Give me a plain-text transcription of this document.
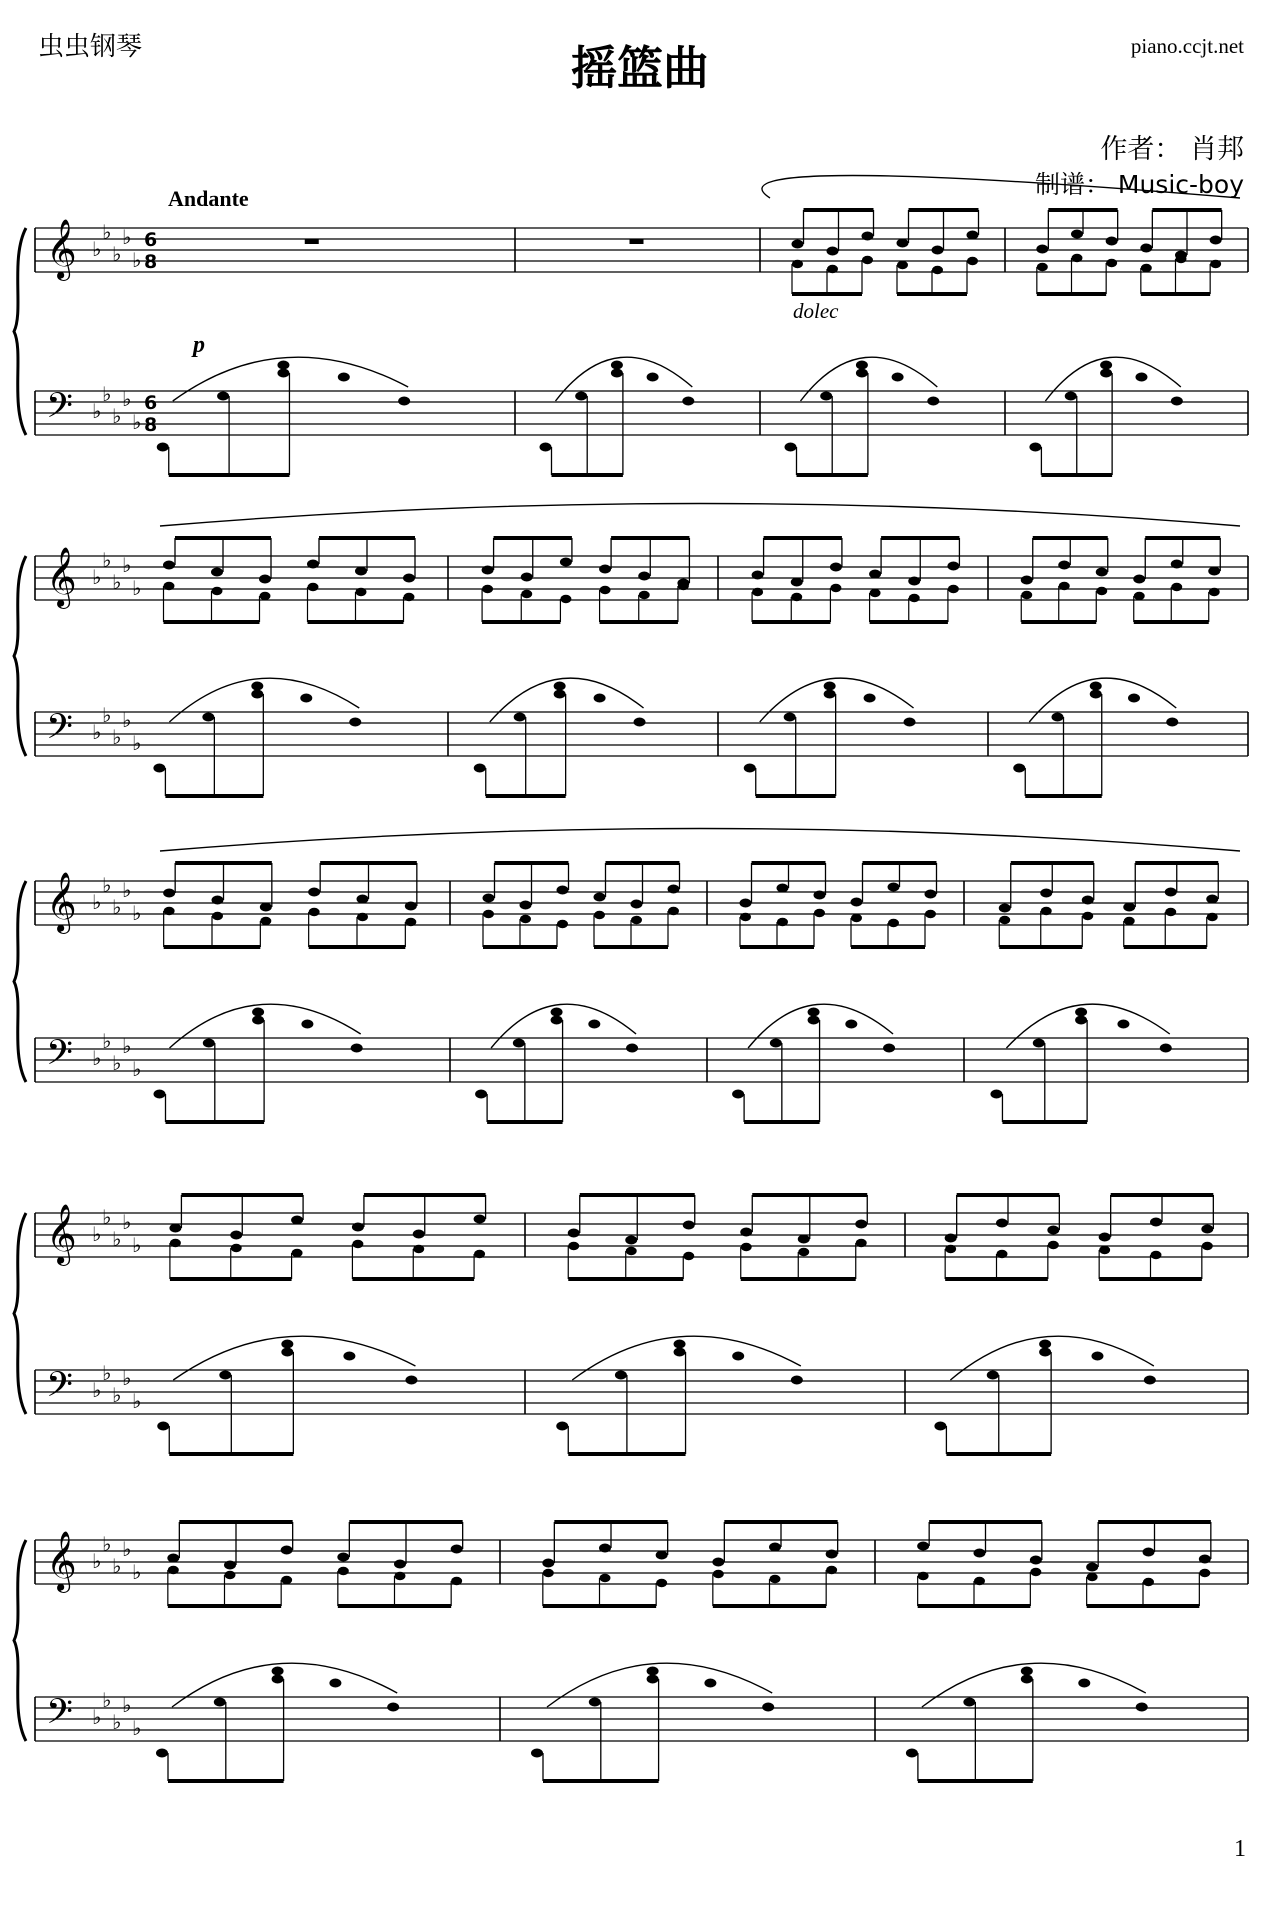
虫虫钢琴	摇篮曲	piano.ccjt.net
作者： 肖邦
制谱： Music-boy
Andante
1
𝄞
𝄢
♭
♭
♭
♭
♭
♭
♭
♭
♭
♭
𝄞
𝄢
♭
♭
♭
♭
♭
♭
♭
♭
♭
♭
𝄞
𝄢
♭
♭
♭
♭
♭
♭
♭
♭
♭
♭
𝄞
𝄢
♭
♭
♭
♭
♭
♭
♭
♭
♭
♭
𝄞
𝄢
♭
♭
♭
♭
♭
♭
♭
♭
♭
♭
6
8
6
8
p
dolec
